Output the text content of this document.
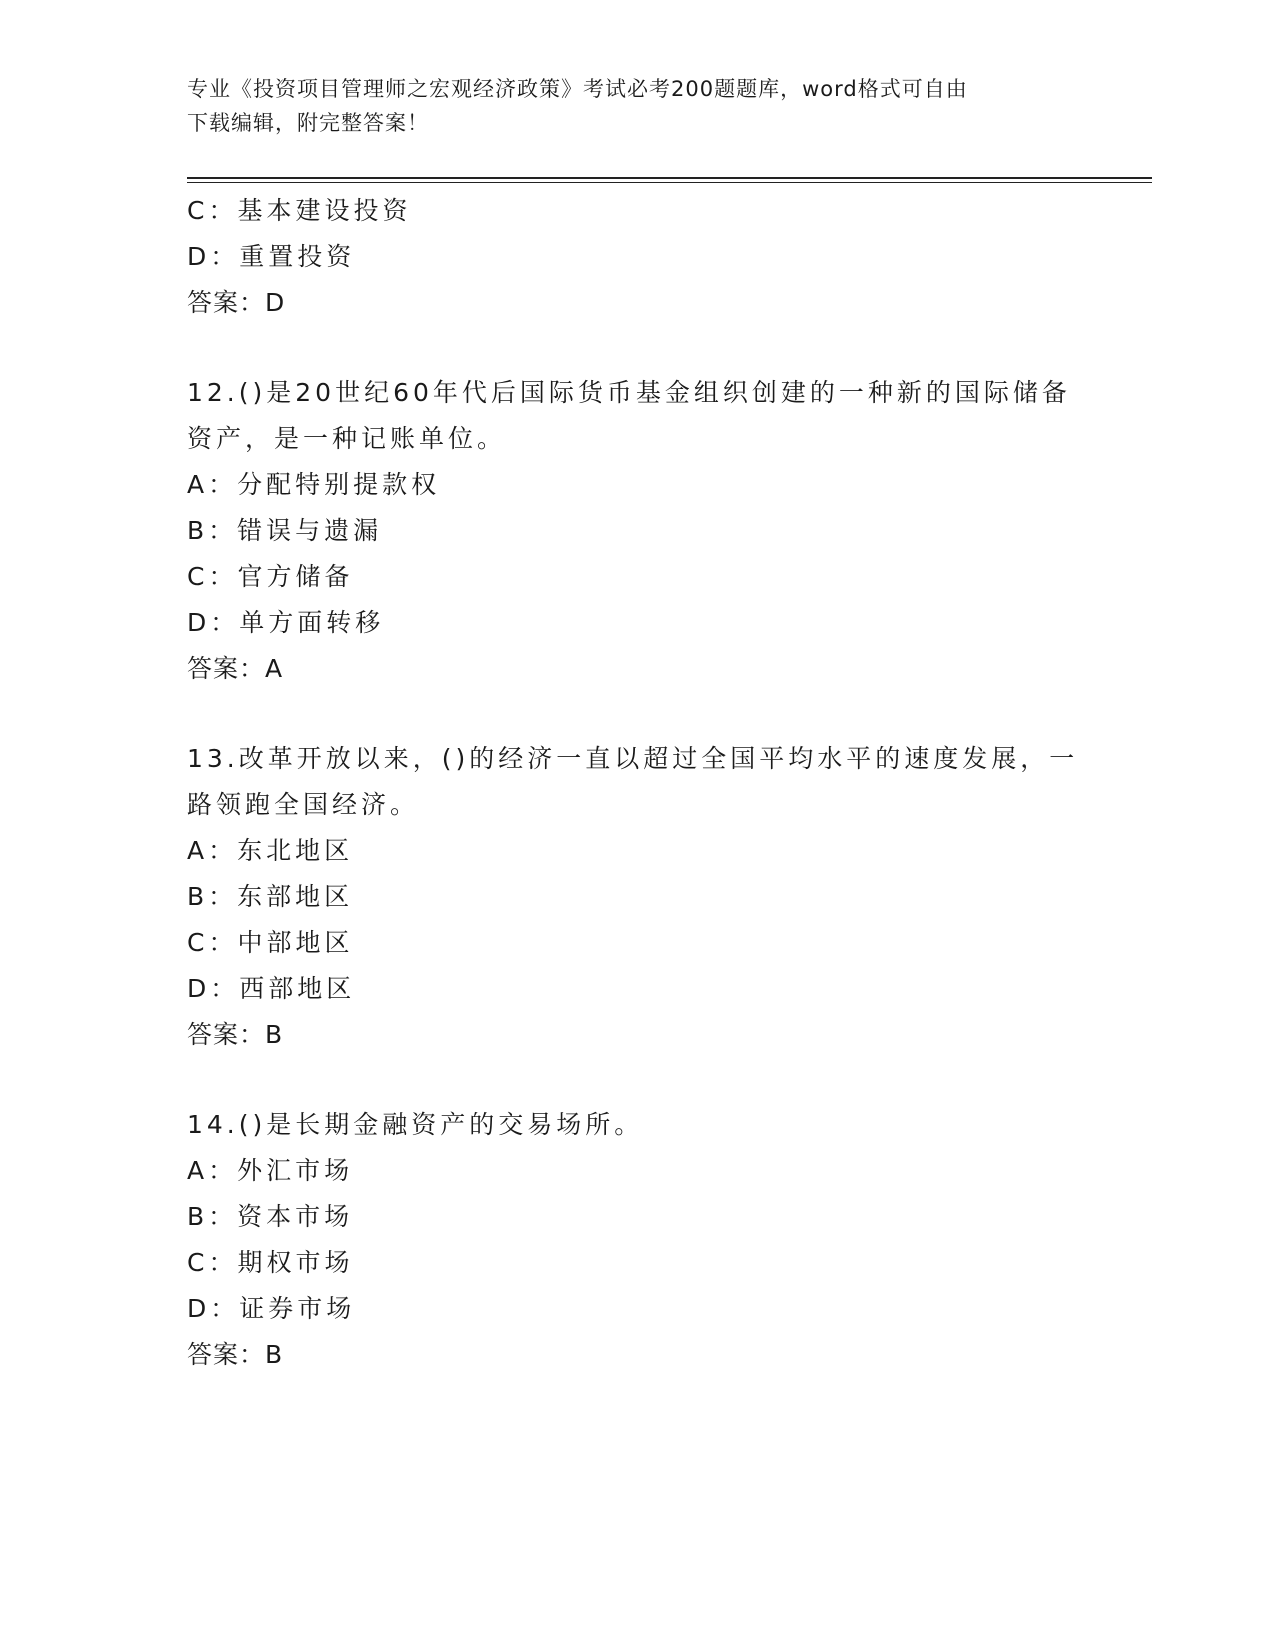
专业《投资项目管理师之宏观经济政策》考试必考200题题库，word格式可自由
下载编辑，附完整答案！
C：基本建设投资
D：重置投资
答案：D
12.()是20世纪60年代后国际货币基金组织创建的一种新的国际储备
资产，是一种记账单位。
A：分配特别提款权
B：错误与遗漏
C：官方储备
D：单方面转移
答案：A
13.改革开放以来，()的经济一直以超过全国平均水平的速度发展，一
路领跑全国经济。
A：东北地区
B：东部地区
C：中部地区
D：西部地区
答案：B
14.()是长期金融资产的交易场所。
A：外汇市场
B：资本市场
C：期权市场
D：证券市场
答案：B
